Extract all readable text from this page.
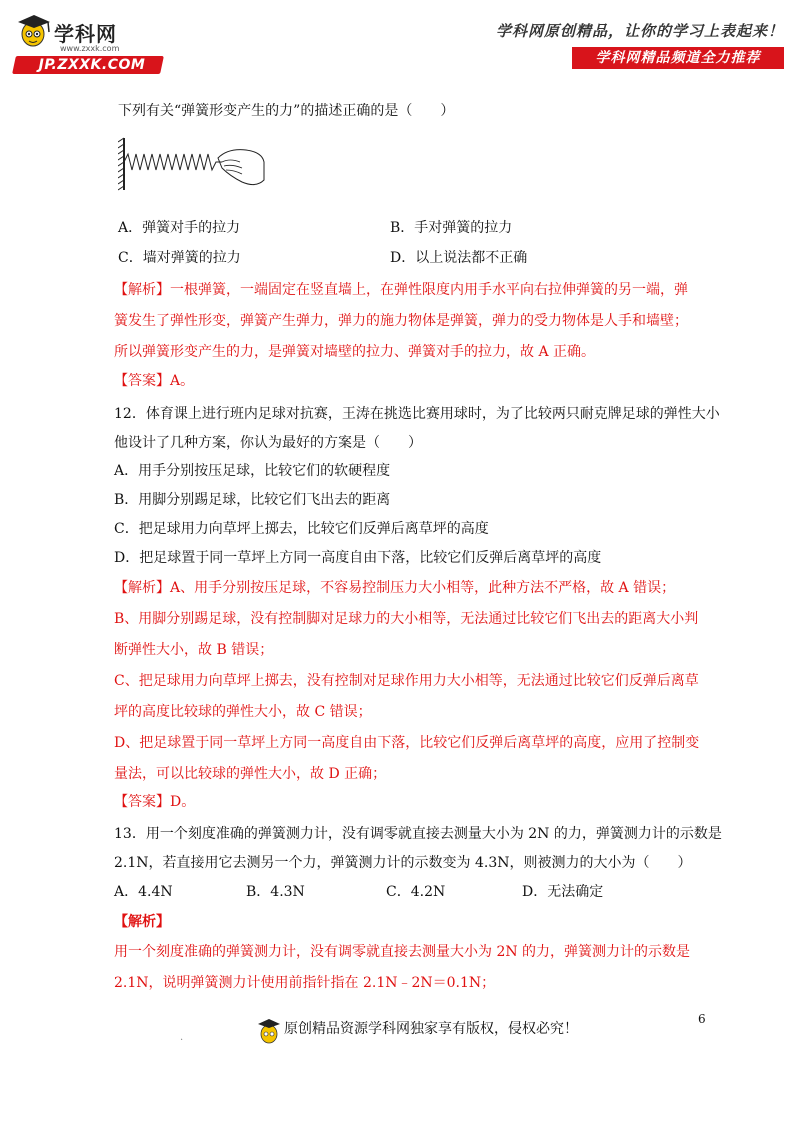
学科网
www.zxxk.com
JP.ZXXK.COM
学科网原创精品，让你的学习上表起来！
学科网精品频道全力推荐
下列有关“弹簧形变产生的力”的描述正确的是（　　）
A．弹簧对手的拉力	B．手对弹簧的拉力
C．墙对弹簧的拉力	D．以上说法都不正确
【解析】一根弹簧，一端固定在竖直墙上，在弹性限度内用手水平向右拉伸弹簧的另一端，弹
簧发生了弹性形变，弹簧产生弹力，弹力的施力物体是弹簧，弹力的受力物体是人手和墙壁；
所以弹簧形变产生的力，是弹簧对墙壁的拉力、弹簧对手的拉力，故 A 正确。
【答案】A。
12．体育课上进行班内足球对抗赛，王涛在挑选比赛用球时，为了比较两只耐克牌足球的弹性大小
他设计了几种方案，你认为最好的方案是（　　）
A．用手分别按压足球，比较它们的软硬程度
B．用脚分别踢足球，比较它们飞出去的距离
C．把足球用力向草坪上掷去，比较它们反弹后离草坪的高度
D．把足球置于同一草坪上方同一高度自由下落，比较它们反弹后离草坪的高度
【解析】A、用手分别按压足球，不容易控制压力大小相等，此种方法不严格，故 A 错误；
B、用脚分别踢足球，没有控制脚对足球力的大小相等，无法通过比较它们飞出去的距离大小判
断弹性大小，故 B 错误；
C、把足球用力向草坪上掷去，没有控制对足球作用力大小相等，无法通过比较它们反弹后离草
坪的高度比较球的弹性大小，故 C 错误；
D、把足球置于同一草坪上方同一高度自由下落，比较它们反弹后离草坪的高度，应用了控制变
量法，可以比较球的弹性大小，故 D 正确；
【答案】D。
13．用一个刻度准确的弹簧测力计，没有调零就直接去测量大小为 2N 的力，弹簧测力计的示数是
2.1N，若直接用它去测另一个力，弹簧测力计的示数变为 4.3N，则被测力的大小为（　　）
A．4.4N	B．4.3N	C．4.2N	D．无法确定
【解析】
用一个刻度准确的弹簧测力计，没有调零就直接去测量大小为 2N 的力，弹簧测力计的示数是
2.1N，说明弹簧测力计使用前指针指在 2.1N﹣2N＝0.1N；
6
.
原创精品资源学科网独家享有版权，侵权必究！
